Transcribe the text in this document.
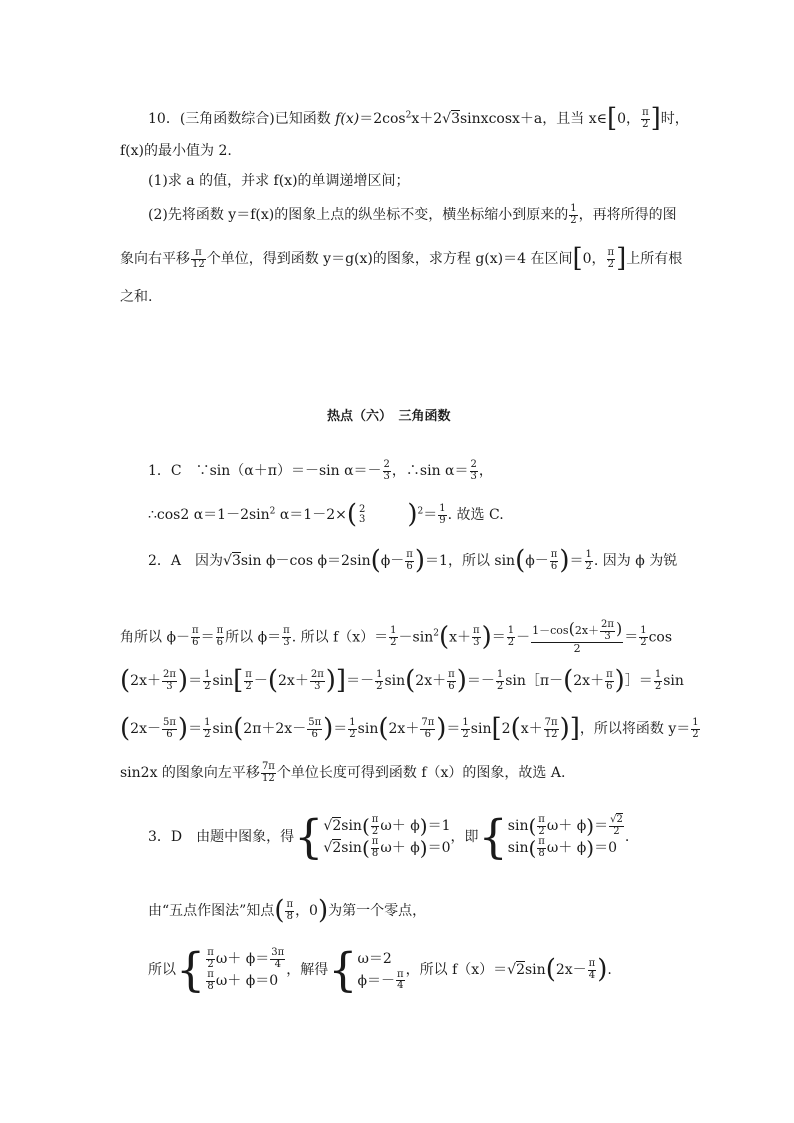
10．(三角函数综合)已知函数 $f(x)=2\cos^2x+2√3sinxcosx+a$，且当 x∈[0， $\frac{\pi}{2}$ ]时，
f(x)的最小值为 2.
(1)求 a 的值，并求 f(x)的单调递增区间；
(2)先将函数 y＝f(x)的图象上点的纵坐标不变，横坐标缩小到原来的 $\frac{1}{2}$ ，再将所得的图
象向右平移 $\frac{\pi}{12}$ 个单位，得到函数 y＝g(x)的图象，求方程 g(x)＝4 在区间[0， $\frac{\pi}{2}$ ]上所有根
之和.
热点（六）　三角函数
1．C　∵sin（α＋π）＝－sin $\alpha=- \frac{2}{3}$ ，∴sin $\alpha= \frac{2}{3}$ ，
∴cos2 $\alpha=1-2\sin^2$ α＝1－2×( 2
3 )$^2= \frac{1}{9}$ . 故选 C.
2．A　因为√3sin ϕ－cos $\phi=2\sin(\phi- \frac{\pi}{6} )=1$，所以 $\sin(\phi- \frac{\pi}{6}$ )＝ $\frac{1}{2}$ . 因为 ϕ 为锐
角所以 $\phi- \frac{\pi}{6} = \frac{\pi}{6}$ 所以 $\phi= \frac{\pi}{3}$ . 所以 $f(x)= \frac{1}{2} -\sin^2(x+ \frac{\pi}{3}$ )＝ $\frac{1}{2} - \frac{1-\cos(2x+ \frac{2\pi}{3} )}{2} = \frac{1}{2}$ cos
($2x+ \frac{2\pi}{3}$ )＝ $\frac{1}{2} \sin[ \frac{\pi}{2} -(2x+ \frac{2\pi}{3}$ )]＝－ $\frac{1}{2} \sin(2x+ \frac{\pi}{6}$ )＝－ $\frac{1}{2}$ sin［π－(2x＋ $\frac{\pi}{6}$ )］＝ $\frac{1}{2}$ sin
($2x- \frac{5\pi}{6}$ )＝ $\frac{1}{2} \sin(2\pi+2x- \frac{5\pi}{6}$ )＝ $\frac{1}{2} \sin(2x+ \frac{7\pi}{6}$ )＝ $\frac{1}{2} \sin[2(x+ \frac{7\pi}{12}$ )]，所以将函数 $y= \frac{1}{2}$
sin2x 的图象向左平移 $\frac{7\pi}{12}$ 个单位长度可得到函数 f（x）的图象，故选 A.
3．D　由题中图象，得{ $√2\sin( \frac{\pi}{2} \omega+ \phi)=1$
$√2\sin( \frac{\pi}{8} \omega+ \phi)=0$
，即{ $\sin( \frac{\pi}{2} \omega+ \phi)= \frac{√2}{2}$
$\sin( \frac{\pi}{8} \omega+ \phi)=0$
.
由“五点作图法”知点( $\frac{\pi}{8}$ ，0)为第一个零点，
所以{ $\frac{\pi}{2} \omega+ \phi= \frac{3\pi}{4}$
$\frac{\pi}{8} \omega+ \phi=0$
，解得{ ω＝2
$\phi=- \frac{\pi}{4}$ ，所以 $f(x)=√2\sin(2x- \frac{\pi}{4}$ ).
